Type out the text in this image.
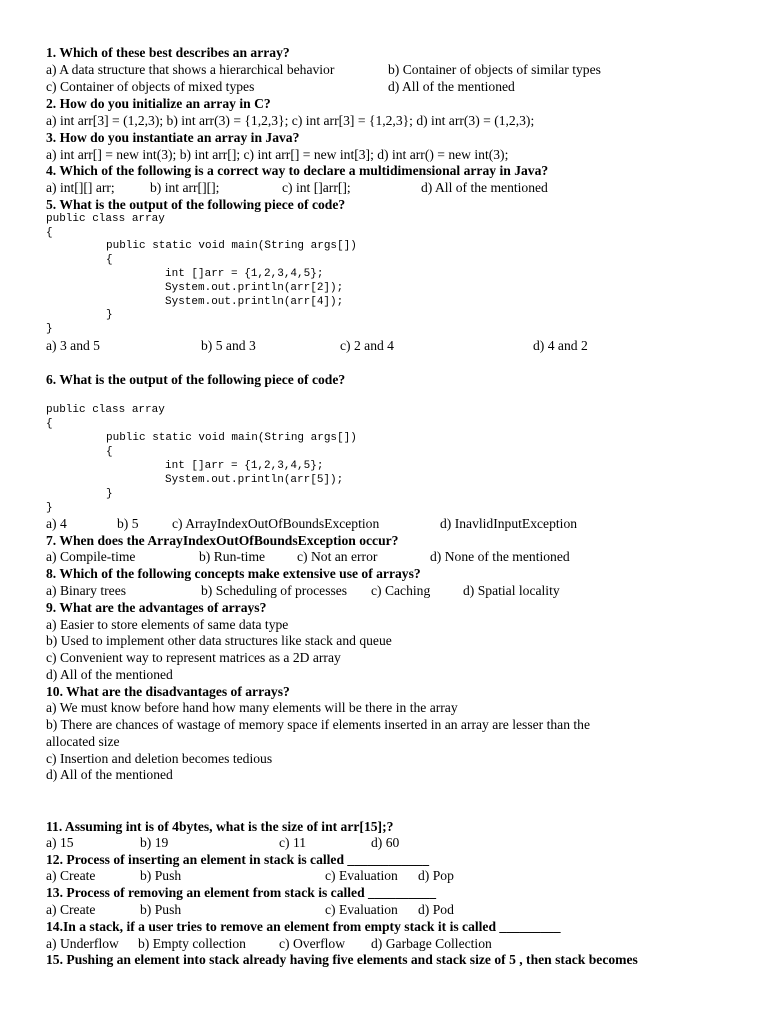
1. Which of these best describes an array?
a) A data structure that shows a hierarchical behavior	b) Container of objects of similar types
c) Container of objects of mixed types	d) All of the mentioned
2. How do you initialize an array in C?
a) int arr[3] = (1,2,3); b) int arr(3) = {1,2,3}; c) int arr[3] = {1,2,3}; d) int arr(3) = (1,2,3);
3. How do you instantiate an array in Java?
a) int arr[] = new int(3); b) int arr[]; c) int arr[] = new int[3]; d) int arr() = new int(3);
4. Which of the following is a correct way to declare a multidimensional array in Java?
a) int[][] arr;	b) int arr[][];	c) int []arr[];	d) All of the mentioned
5. What is the output of the following piece of code?
public class array
{
public static void main(String args[])
{
int []arr = {1,2,3,4,5};
System.out.println(arr[2]);
System.out.println(arr[4]);
}
}
a) 3 and 5	b) 5 and 3	c) 2 and 4	d) 4 and 2
6. What is the output of the following piece of code?
public class array
{
public static void main(String args[])
{
int []arr = {1,2,3,4,5};
System.out.println(arr[5]);
}
}
a) 4	b) 5 c) ArrayIndexOutOfBoundsException	d) InavlidInputException
7. When does the ArrayIndexOutOfBoundsException occur?
a) Compile-time	b) Run-time c) Not an error	d) None of the mentioned
8. Which of the following concepts make extensive use of arrays?
a) Binary trees	b) Scheduling of processes c) Caching d) Spatial locality
9. What are the advantages of arrays?
a) Easier to store elements of same data type
b) Used to implement other data structures like stack and queue
c) Convenient way to represent matrices as a 2D array
d) All of the mentioned
10. What are the disadvantages of arrays?
a) We must know before hand how many elements will be there in the array
b) There are chances of wastage of memory space if elements inserted in an array are lesser than the
allocated size
c) Insertion and deletion becomes tedious
d) All of the mentioned
11. Assuming int is of 4bytes, what is the size of int arr[15];?
a) 15	b) 19	c) 11	d) 60
12. Process of inserting an element in stack is called ____________
a) Create	b) Push	c) Evaluation d) Pop
13. Process of removing an element from stack is called __________
a) Create	b) Push	c) Evaluation d) Pod
14.In a stack, if a user tries to remove an element from empty stack it is called _________
a) Underflow b) Empty collection c) Overflow d) Garbage Collection
15. Pushing an element into stack already having five elements and stack size of 5 , then stack becomes
